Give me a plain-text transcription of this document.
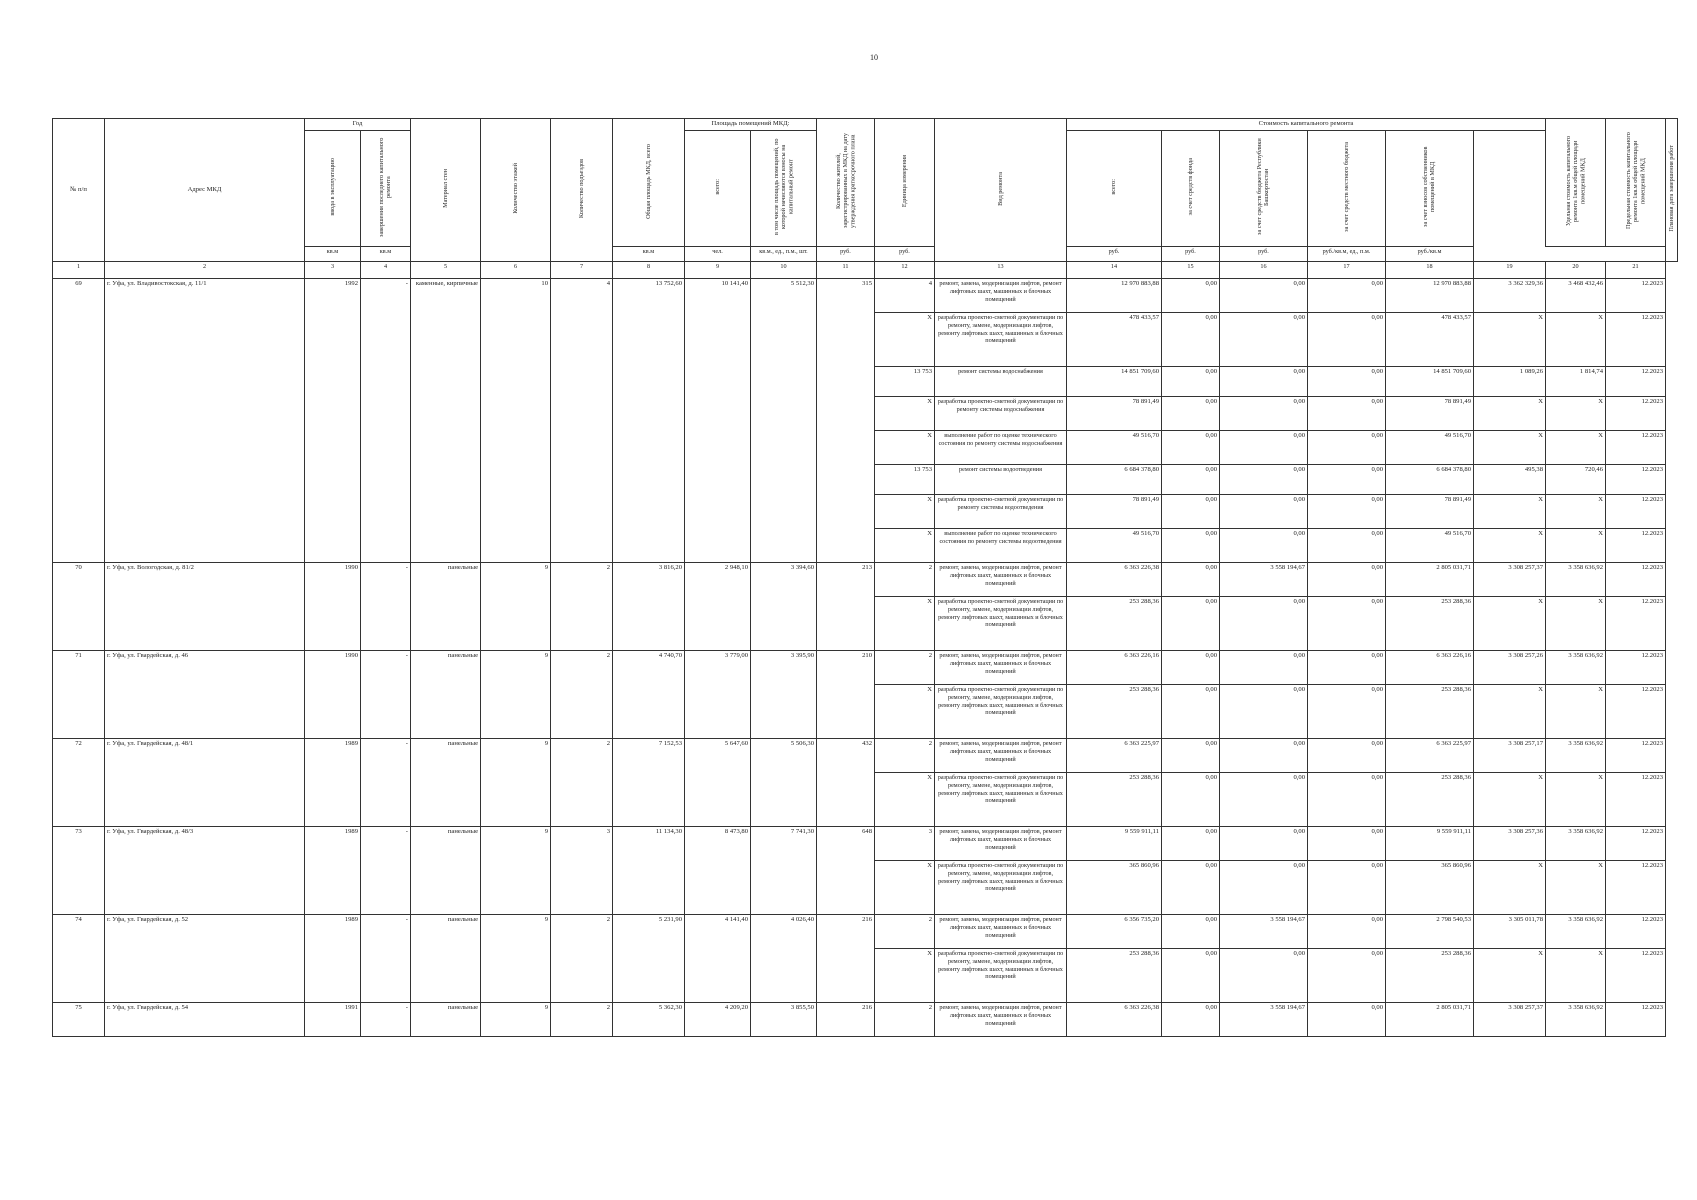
10
№ п/п	Адрес МКД	Год		Материал стен	Количество этажей	Количество подъездов	Общая площадь МКД, всего	Площадь помещений МКД:		Количество жителей, зарегистрированных в МКД на дату утверждения краткосрочного плана	Единица измерения	Вид ремонта	Стоимость капитального ремонта						Удельная стоимость капитального ремонта 1кв.м общей площади помещений МКД	Предельная стоимость капитального ремонта 1кв.м общей площади помещений МКД	Плановая дата завершения работ
		ввода в эксплуатацию	завершения последнего капитального ремонта					всего:	в том числе площадь помещений, по которой начисляются взносы на капитальный ремонт				всего:	за счет средств фонда	за счет средств бюджета Республики Башкортостан	за счет средств местного бюджета	за счет взносов собственников помещений в МКД			
		кв.м	кв.м				кв.м	чел.	кв.м., ед., п.м., шт.	руб.	руб.		руб.	руб.	руб.	руб./кв.м, ед., п.м.	руб./кв.м				
1	2	3	4	5	6	7	8	9	10	11	12	13	14	15	16	17	18	19	20	21	
69	г. Уфа, ул. Владивостокская, д. 11/1	1992	-	каменные, кирпичные	10	4	13 752,60	10 141,40	5 512,30	315	4	ремонт, замена, модернизация лифтов, ремонт лифтовых шахт, машинных и блочных помещений	12 970 883,88	0,00	0,00	0,00	12 970 883,88	3 362 329,36	3 468 432,46	12.2023	
											X	разработка проектно-сметной документации по ремонту, замене, модернизации лифтов, ремонту лифтовых шахт, машинных и блочных помещений	478 433,57	0,00	0,00	0,00	478 433,57	X	X	12.2023	
											13 753	ремонт системы водоснабжения	14 851 709,60	0,00	0,00	0,00	14 851 709,60	1 089,26	1 814,74	12.2023	
											X	разработка проектно-сметной документации по ремонту системы водоснабжения	78 891,49	0,00	0,00	0,00	78 891,49	X	X	12.2023	
											X	выполнение работ по оценке технического состояния по ремонту системы водоснабжения	49 516,70	0,00	0,00	0,00	49 516,70	X	X	12.2023	
											13 753	ремонт системы водоотведения	6 684 378,80	0,00	0,00	0,00	6 684 378,80	495,38	720,46	12.2023	
											X	разработка проектно-сметной документации по ремонту системы водоотведения	78 891,49	0,00	0,00	0,00	78 891,49	X	X	12.2023	
											X	выполнение работ по оценке технического состояния по ремонту системы водоотведения	49 516,70	0,00	0,00	0,00	49 516,70	X	X	12.2023	
70	г. Уфа, ул. Вологодская, д. 81/2	1990	-	панельные	9	2	3 816,20	2 948,10	3 394,60	213	2	ремонт, замена, модернизация лифтов, ремонт лифтовых шахт, машинных и блочных помещений	6 363 226,38	0,00	3 558 194,67	0,00	2 805 031,71	3 308 257,37	3 358 636,92	12.2023	
											X	разработка проектно-сметной документации по ремонту, замене, модернизации лифтов, ремонту лифтовых шахт, машинных и блочных помещений	253 288,36	0,00	0,00	0,00	253 288,36	X	X	12.2023	
71	г. Уфа, ул. Гвардейская, д. 46	1990	-	панельные	9	2	4 740,70	3 779,00	3 395,90	210	2	ремонт, замена, модернизация лифтов, ремонт лифтовых шахт, машинных и блочных помещений	6 363 226,16	0,00	0,00	0,00	6 363 226,16	3 308 257,26	3 358 636,92	12.2023	
											X	разработка проектно-сметной документации по ремонту, замене, модернизации лифтов, ремонту лифтовых шахт, машинных и блочных помещений	253 288,36	0,00	0,00	0,00	253 288,36	X	X	12.2023	
72	г. Уфа, ул. Гвардейская, д. 48/1	1989	-	панельные	9	2	7 152,53	5 647,60	5 506,30	432	2	ремонт, замена, модернизация лифтов, ремонт лифтовых шахт, машинных и блочных помещений	6 363 225,97	0,00	0,00	0,00	6 363 225,97	3 308 257,17	3 358 636,92	12.2023	
											X	разработка проектно-сметной документации по ремонту, замене, модернизации лифтов, ремонту лифтовых шахт, машинных и блочных помещений	253 288,36	0,00	0,00	0,00	253 288,36	X	X	12.2023	
73	г. Уфа, ул. Гвардейская, д. 48/3	1989	-	панельные	9	3	11 134,30	8 473,80	7 741,30	648	3	ремонт, замена, модернизация лифтов, ремонт лифтовых шахт, машинных и блочных помещений	9 559 911,11	0,00	0,00	0,00	9 559 911,11	3 308 257,36	3 358 636,92	12.2023	
											X	разработка проектно-сметной документации по ремонту, замене, модернизации лифтов, ремонту лифтовых шахт, машинных и блочных помещений	365 860,96	0,00	0,00	0,00	365 860,96	X	X	12.2023	
74	г. Уфа, ул. Гвардейская, д. 52	1989	-	панельные	9	2	5 231,90	4 141,40	4 026,40	216	2	ремонт, замена, модернизация лифтов, ремонт лифтовых шахт, машинных и блочных помещений	6 356 735,20	0,00	3 558 194,67	0,00	2 798 540,53	3 305 011,78	3 358 636,92	12.2023	
											X	разработка проектно-сметной документации по ремонту, замене, модернизации лифтов, ремонту лифтовых шахт, машинных и блочных помещений	253 288,36	0,00	0,00	0,00	253 288,36	X	X	12.2023	
75	г. Уфа, ул. Гвардейская, д. 54	1991	-	панельные	9	2	5 362,30	4 209,20	3 855,50	216	2	ремонт, замена, модернизация лифтов, ремонт лифтовых шахт, машинных и блочных помещений	6 363 226,38	0,00	3 558 194,67	0,00	2 805 031,71	3 308 257,37	3 358 636,92	12.2023	
